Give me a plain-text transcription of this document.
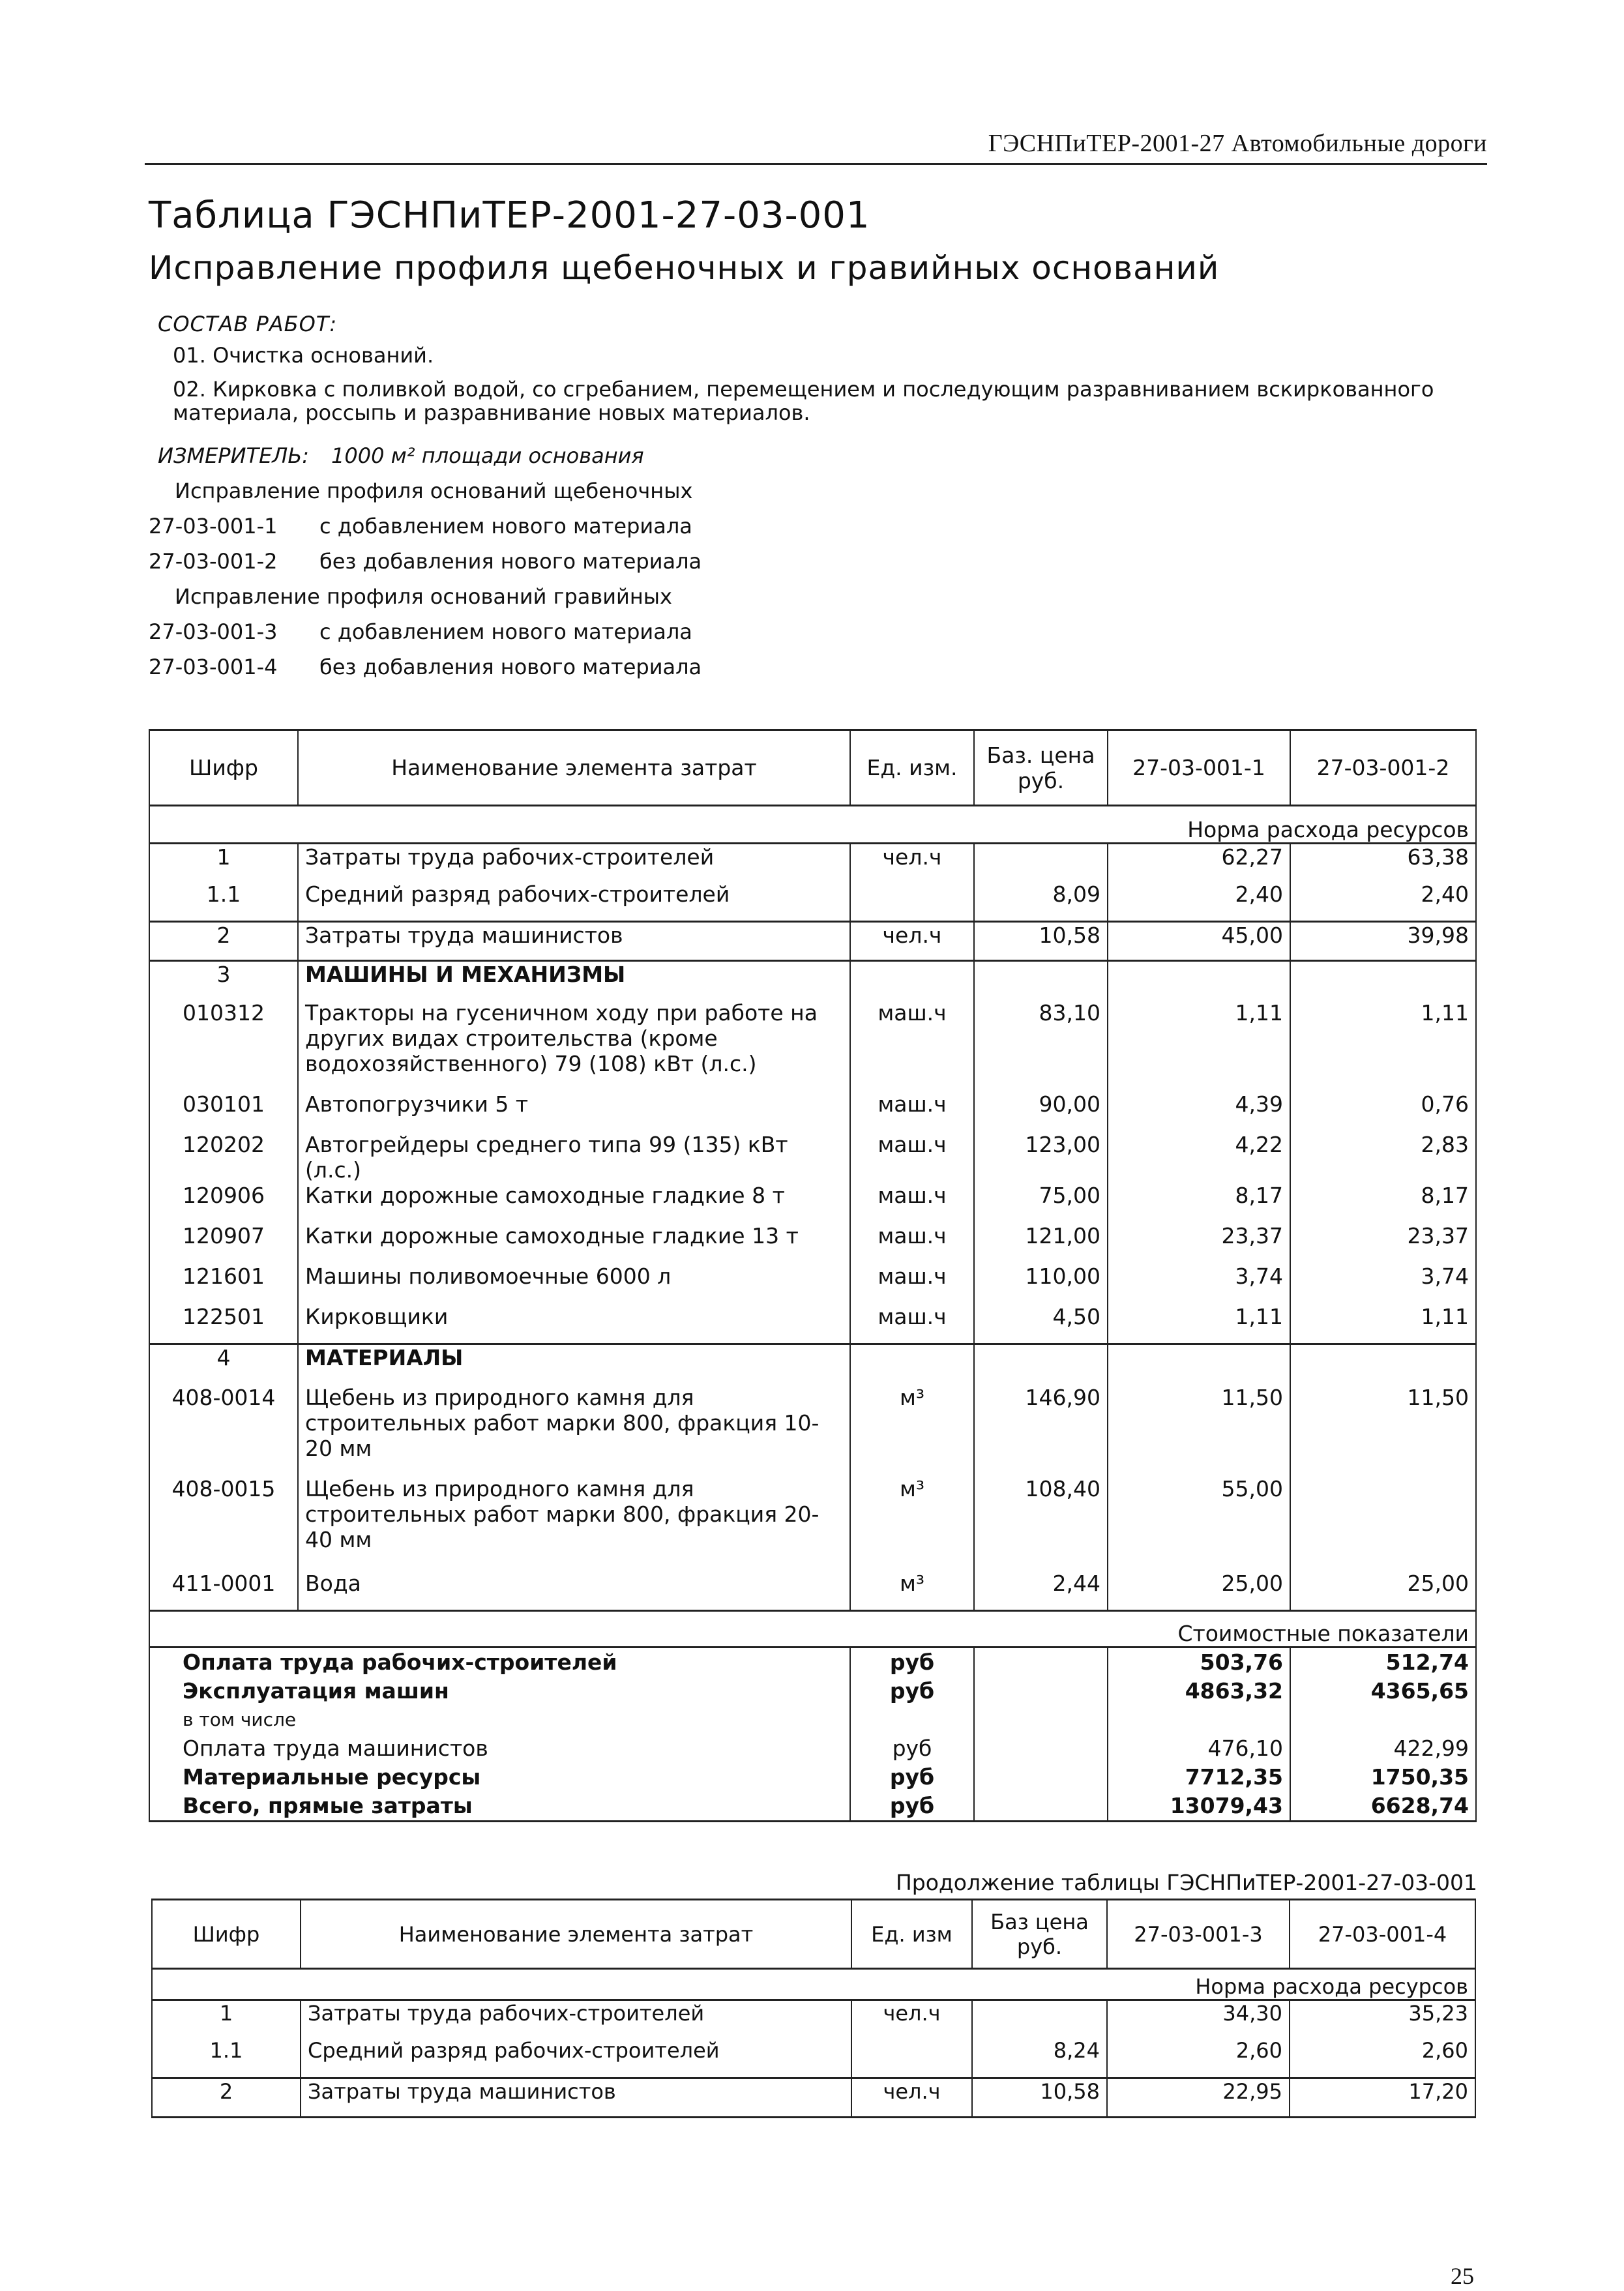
ГЭСНПиТЕР-2001-27 Автомобильные дороги
Таблица ГЭСНПиТЕР-2001-27-03-001
Исправление профиля щебеночных и гравийных оснований
СОСТАВ РАБОТ:
01. Очистка оснований.
02. Кирковка с поливкой водой, со сгребанием, перемещением и последующим разравниванием вскиркованного
материала, россыпь и разравнивание новых материалов.
ИЗМЕРИТЕЛЬ: 1000 м² площади основания
Исправление профиля оснований щебеночных
27-03-001-1 с добавлением нового материала
27-03-001-2 без добавления нового материала
Исправление профиля оснований гравийных
27-03-001-3 с добавлением нового материала
27-03-001-4 без добавления нового материала
Шифр	Наименование элемента затрат	Ед. изм.	Баз. цена руб.	27-03-001-1	27-03-001-2
Норма расхода ресурсов					
1	Затраты труда рабочих-строителей	чел.ч		62,27	63,38
1.1	Средний разряд рабочих-строителей		8,09	2,40	2,40
2	Затраты труда машинистов	чел.ч	10,58	45,00	39,98
3	МАШИНЫ И МЕХАНИЗМЫ				
010312	Тракторы на гусеничном ходу при работе на других видах строительства (кроме водохозяйственного) 79 (108) кВт (л.с.)	маш.ч	83,10	1,11	1,11
030101	Автопогрузчики 5 т	маш.ч	90,00	4,39	0,76
120202	Автогрейдеры среднего типа 99 (135) кВт (л.с.)	маш.ч	123,00	4,22	2,83
120906	Катки дорожные самоходные гладкие 8 т	маш.ч	75,00	8,17	8,17
120907	Катки дорожные самоходные гладкие 13 т	маш.ч	121,00	23,37	23,37
121601	Машины поливомоечные 6000 л	маш.ч	110,00	3,74	3,74
122501	Кирковщики	маш.ч	4,50	1,11	1,11
4	МАТЕРИАЛЫ				
408-0014	Щебень из природного камня для строительных работ марки 800, фракция 10-20 мм	м³	146,90	11,50	11,50
408-0015	Щебень из природного камня для строительных работ марки 800, фракция 20-40 мм	м³	108,40	55,00	
411-0001	Вода	м³	2,44	25,00	25,00
Стоимостные показатели					
Оплата труда рабочих-строителей		руб		503,76	512,74
Эксплуатация машин		руб		4863,32	4365,65
в том числе					
Оплата труда машинистов		руб		476,10	422,99
Материальные ресурсы		руб		7712,35	1750,35
Всего, прямые затраты		руб		13079,43	6628,74
Продолжение таблицы ГЭСНПиТЕР-2001-27-03-001
Шифр	Наименование элемента затрат	Ед. изм	Баз цена руб.	27-03-001-3	27-03-001-4
Норма расхода ресурсов					
1	Затраты труда рабочих-строителей	чел.ч		34,30	35,23
1.1	Средний разряд рабочих-строителей		8,24	2,60	2,60
2	Затраты труда машинистов	чел.ч	10,58	22,95	17,20
25
